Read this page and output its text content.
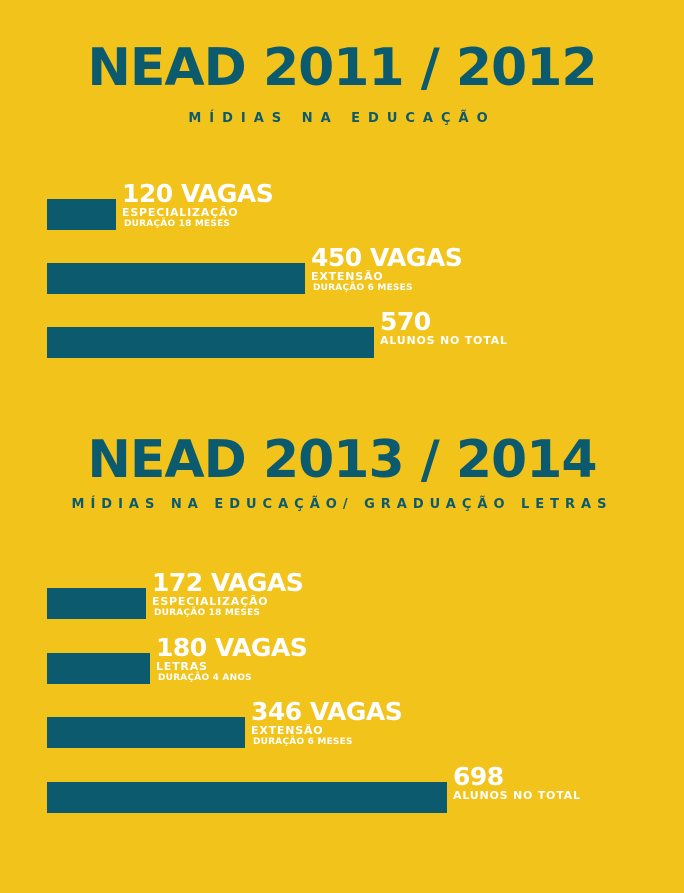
NEAD 2011 / 2012

MÍDIAS NA EDUCAÇÃO

120 VAGAS
ESPECIALIZAÇÃO
DURAÇÃO 18 MESES
450 VAGAS
EXTENSÃO
DURAÇÃO 6 MESES
570
ALUNOS NO TOTAL
NEAD 2013 / 2014

MÍDIAS NA EDUCAÇÃO/ GRADUAÇÃO LETRAS

172 VAGAS
ESPECIALIZAÇÃO
DURAÇÃO 18 MESES
180 VAGAS
LETRAS
DURAÇÃO 4 ANOS
346 VAGAS
EXTENSÃO
DURAÇÃO 6 MESES
698
ALUNOS NO TOTAL
